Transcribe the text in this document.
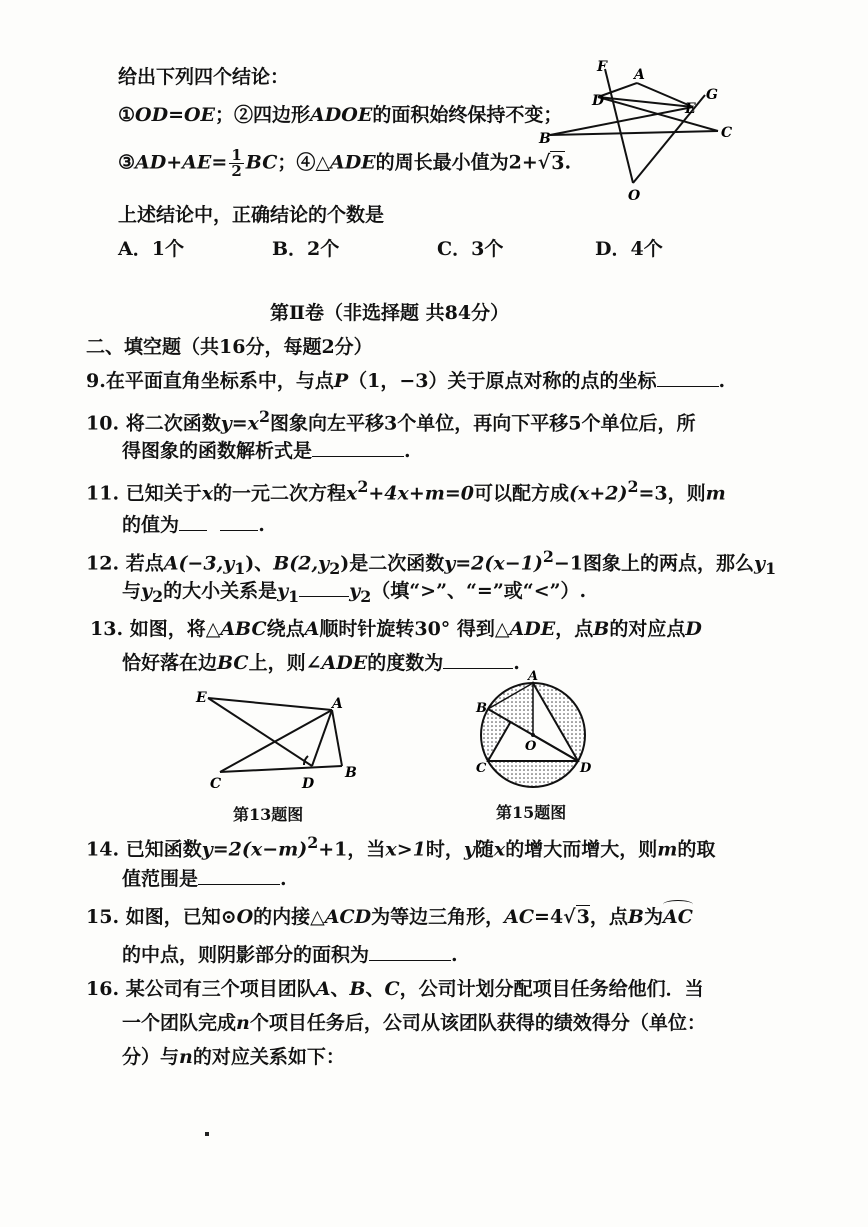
给出下列四个结论：
①OD=OE；②四边形ADOE的面积始终保持不变；
③AD+AE= $\frac{1}{2}$ BC；④△ADE的周长最小值为2+√3.
上述结论中，正确结论的个数是
A．1个	B．2个	C．3个	D．4个
F A
D	E
G
B	C
O
第Ⅱ卷（非选择题 共84分）
二、填空题（共16分，每题2分）
9.在平面直角坐标系中，与点P（1，−3）关于原点对称的点的坐标	.
10. 将二次函数$y=x^2$图象向左平移3个单位，再向下平移5个单位后，所
得图象的函数解析式是	.
11. 已知关于x的一元二次方程$x^2+4x+m=0$可以配方成$(x+2)^2=3$，则m
的值为	.
12. 若点$A(-3,y_1)$、$B(2,y_2)$是二次函数$y=2(x-1)^2-1$图象上的两点，那么$y_1$
与$y_2$的大小关系是$y_1$	$y_2$（填“>”、“=”或“<”）.
13. 如图，将△ABC绕点A顺时针旋转30° 得到△ADE，点B的对应点D
恰好落在边BC上，则∠ADE的度数为	.
E	A
C	D
B
第13题图
A
B
O
C	D
第15题图
14. 已知函数$y=2(x-m)^2+1$，当x>1时，y随x的增大而增大，则m的取
值范围是	.
15. 如图，已知⊙O的内接△ACD为等边三角形，AC=4√3，点B为AC
的中点，则阴影部分的面积为	.
16. 某公司有三个项目团队A、B、C，公司计划分配项目任务给他们．当
一个团队完成n个项目任务后，公司从该团队获得的绩效得分（单位：
分）与n的对应关系如下：
